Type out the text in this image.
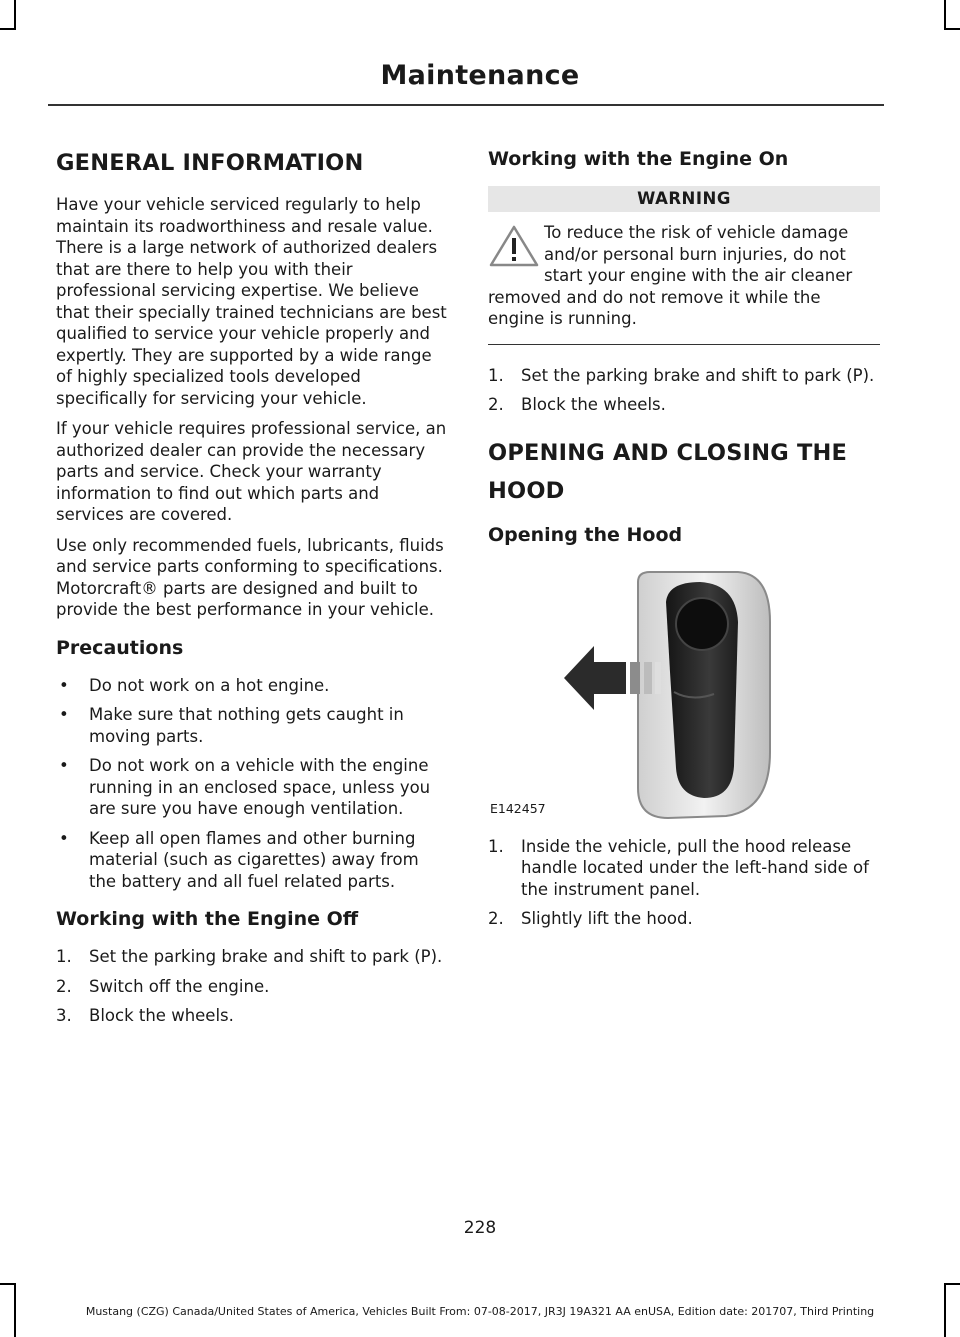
Maintenance
GENERAL INFORMATION

Have your vehicle serviced regularly to help maintain its roadworthiness and resale value. There is a large network of authorized dealers that are there to help you with their professional servicing expertise. We believe that their specially trained technicians are best qualified to service your vehicle properly and expertly. They are supported by a wide range of highly specialized tools developed specifically for servicing your vehicle.

If your vehicle requires professional service, an authorized dealer can provide the necessary parts and service. Check your warranty information to find out which parts and services are covered.

Use only recommended fuels, lubricants, fluids and service parts conforming to specifications. Motorcraft® parts are designed and built to provide the best performance in your vehicle.

Precautions
• Do not work on a hot engine.
• Make sure that nothing gets caught in moving parts.
• Do not work on a vehicle with the engine running in an enclosed space, unless you are sure you have enough ventilation.
• Keep all open flames and other burning material (such as cigarettes) away from the battery and all fuel related parts.
Working with the Engine Off
1. Set the parking brake and shift to park (P).
2. Switch off the engine.
3. Block the wheels.
Working with the Engine On
WARNING
To reduce the risk of vehicle damage and/or personal burn injuries, do not start your engine with the air cleaner removed and do not remove it while the engine is running.
1. Set the parking brake and shift to park (P).
2. Block the wheels.
OPENING AND CLOSING THE
HOOD
Opening the Hood
E142457
1. Inside the vehicle, pull the hood release handle located under the left-hand side of the instrument panel.
2. Slightly lift the hood.
228
Mustang (CZG) Canada/United States of America, Vehicles Built From: 07-08-2017, JR3J 19A321 AA enUSA, Edition date: 201707, Third Printing
